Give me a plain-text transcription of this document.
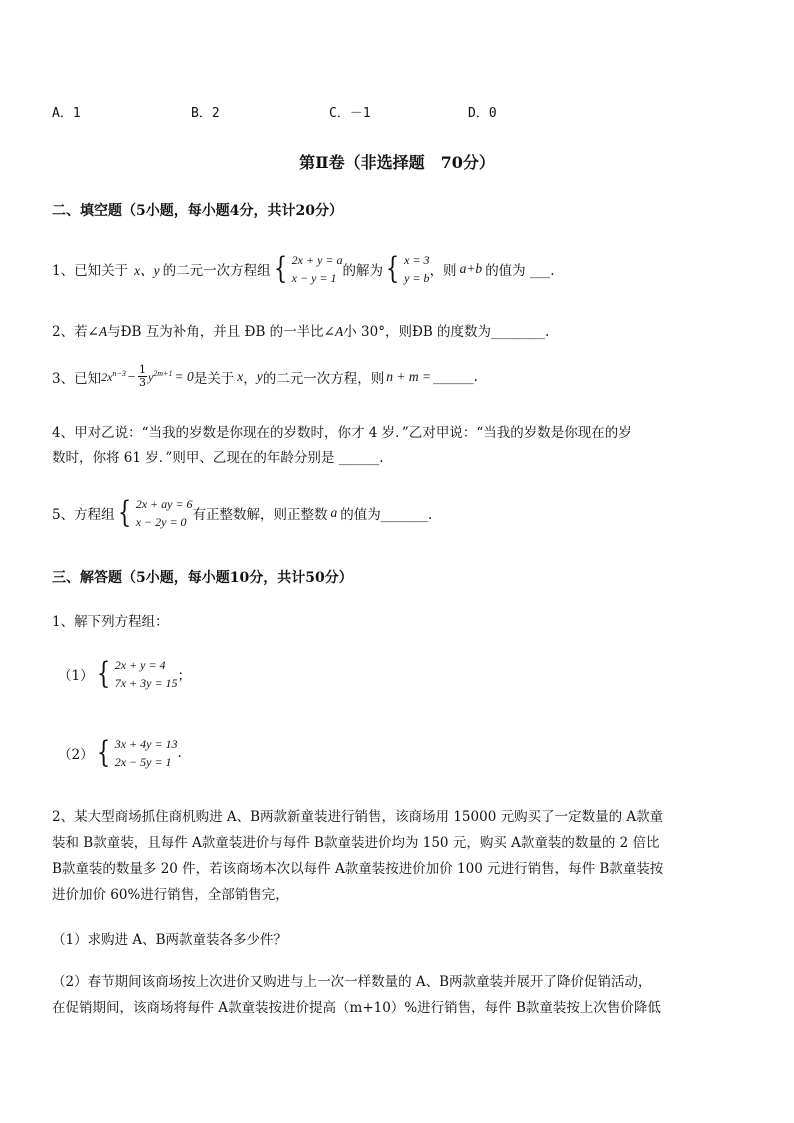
A．1	B．2	C．－1	D．0
第Ⅱ卷（非选择题　70分）
二、填空题（5小题，每小题4分，共计20分）
1、已知关于 x、y 的二元一次方程组 { 2x + y = a
x − y = 1 的解为 { x = 3
y = b ，则 a+b 的值为 ___.
2、若∠A与ÐB 互为补角，并且 ÐB 的一半比∠A小 30°，则ÐB 的度数为________.
3、已知 $2x^{n-3} - \frac{1}{3} y^{2m+1} = 0$ 是关于 x ， y 的二元一次方程，则 n + m = ______.
4、甲对乙说：“当我的岁数是你现在的岁数时，你才 4 岁．”乙对甲说：“当我的岁数是你现在的岁
数时，你将 61 岁．”则甲、乙现在的年龄分别是 ______.
5、方程组 { 2x + ay = 6
x − 2y = 0 有正整数解，则正整数 a 的值为_______.
三、解答题（5小题，每小题10分，共计50分）
1、解下列方程组：
（1） { 2x + y = 4
7x + 3y = 15 ；
（2） { 3x + 4y = 13
2x − 5y = 1
.
2、某大型商场抓住商机购进 A、B两款新童装进行销售，该商场用 15000 元购买了一定数量的 A款童
装和 B款童装，且每件 A款童装进价与每件 B款童装进价均为 150 元，购买 A款童装的数量的 2 倍比
B款童装的数量多 20 件，若该商场本次以每件 A款童装按进价加价 100 元进行销售，每件 B款童装按
进价加价 60%进行销售，全部销售完，
（1）求购进 A、B两款童装各多少件？
（2）春节期间该商场按上次进价又购进与上一次一样数量的 A、B两款童装并展开了降价促销活动，
在促销期间，该商场将每件 A款童装按进价提高（m+10）%进行销售，每件 B款童装按上次售价降低
